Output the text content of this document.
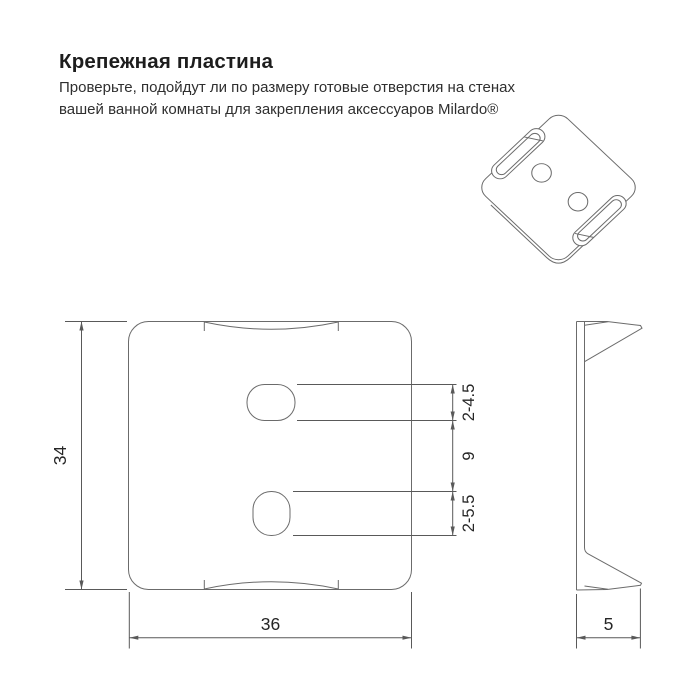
Крепежная пластина

Проверьте, подойдут ли по размеру готовые отверстия на стенах
вашей ванной комнаты для закрепления аксессуаров Milardo®

34
36
2-4.5
9
2-5.5
5
